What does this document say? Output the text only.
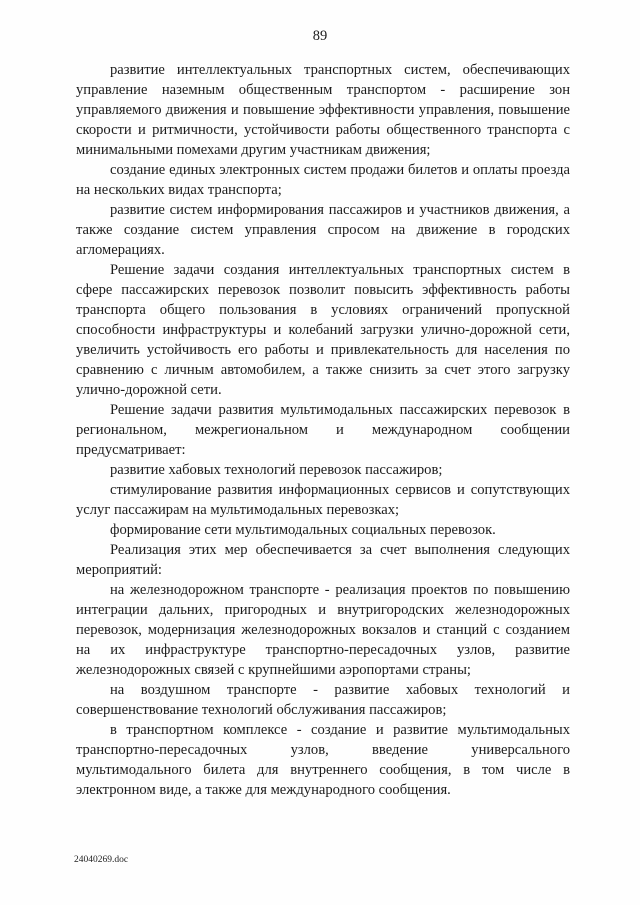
89

развитие интеллектуальных транспортных систем, обеспечивающих управление наземным общественным транспортом - расширение зон управляемого движения и повышение эффективности управления, повышение скорости и ритмичности, устойчивости работы общественного транспорта с минимальными помехами другим участникам движения;

создание единых электронных систем продажи билетов и оплаты проезда на нескольких видах транспорта;

развитие систем информирования пассажиров и участников движения, а также создание систем управления спросом на движение в городских агломерациях.

Решение задачи создания интеллектуальных транспортных систем в сфере пассажирских перевозок позволит повысить эффективность работы транспорта общего пользования в условиях ограничений пропускной способности инфраструктуры и колебаний загрузки улично-дорожной сети, увеличить устойчивость его работы и привлекательность для населения по сравнению с личным автомобилем, а также снизить за счет этого загрузку улично-дорожной сети.

Решение задачи развития мультимодальных пассажирских перевозок в региональном, межрегиональном и международном сообщении предусматривает:

развитие хабовых технологий перевозок пассажиров;

стимулирование развития информационных сервисов и сопутствующих услуг пассажирам на мультимодальных перевозках;

формирование сети мультимодальных социальных перевозок.

Реализация этих мер обеспечивается за счет выполнения следующих мероприятий:

на железнодорожном транспорте - реализация проектов по повышению интеграции дальних, пригородных и внутригородских железнодорожных перевозок, модернизация железнодорожных вокзалов и станций с созданием на их инфраструктуре транспортно-пересадочных узлов, развитие железнодорожных связей с крупнейшими аэропортами страны;

на воздушном транспорте - развитие хабовых технологий и совершенствование технологий обслуживания пассажиров;

в транспортном комплексе - создание и развитие мультимодальных транспортно-пересадочных узлов, введение универсального мультимодального билета для внутреннего сообщения, в том числе в электронном виде, а также для международного сообщения.

24040269.doc
